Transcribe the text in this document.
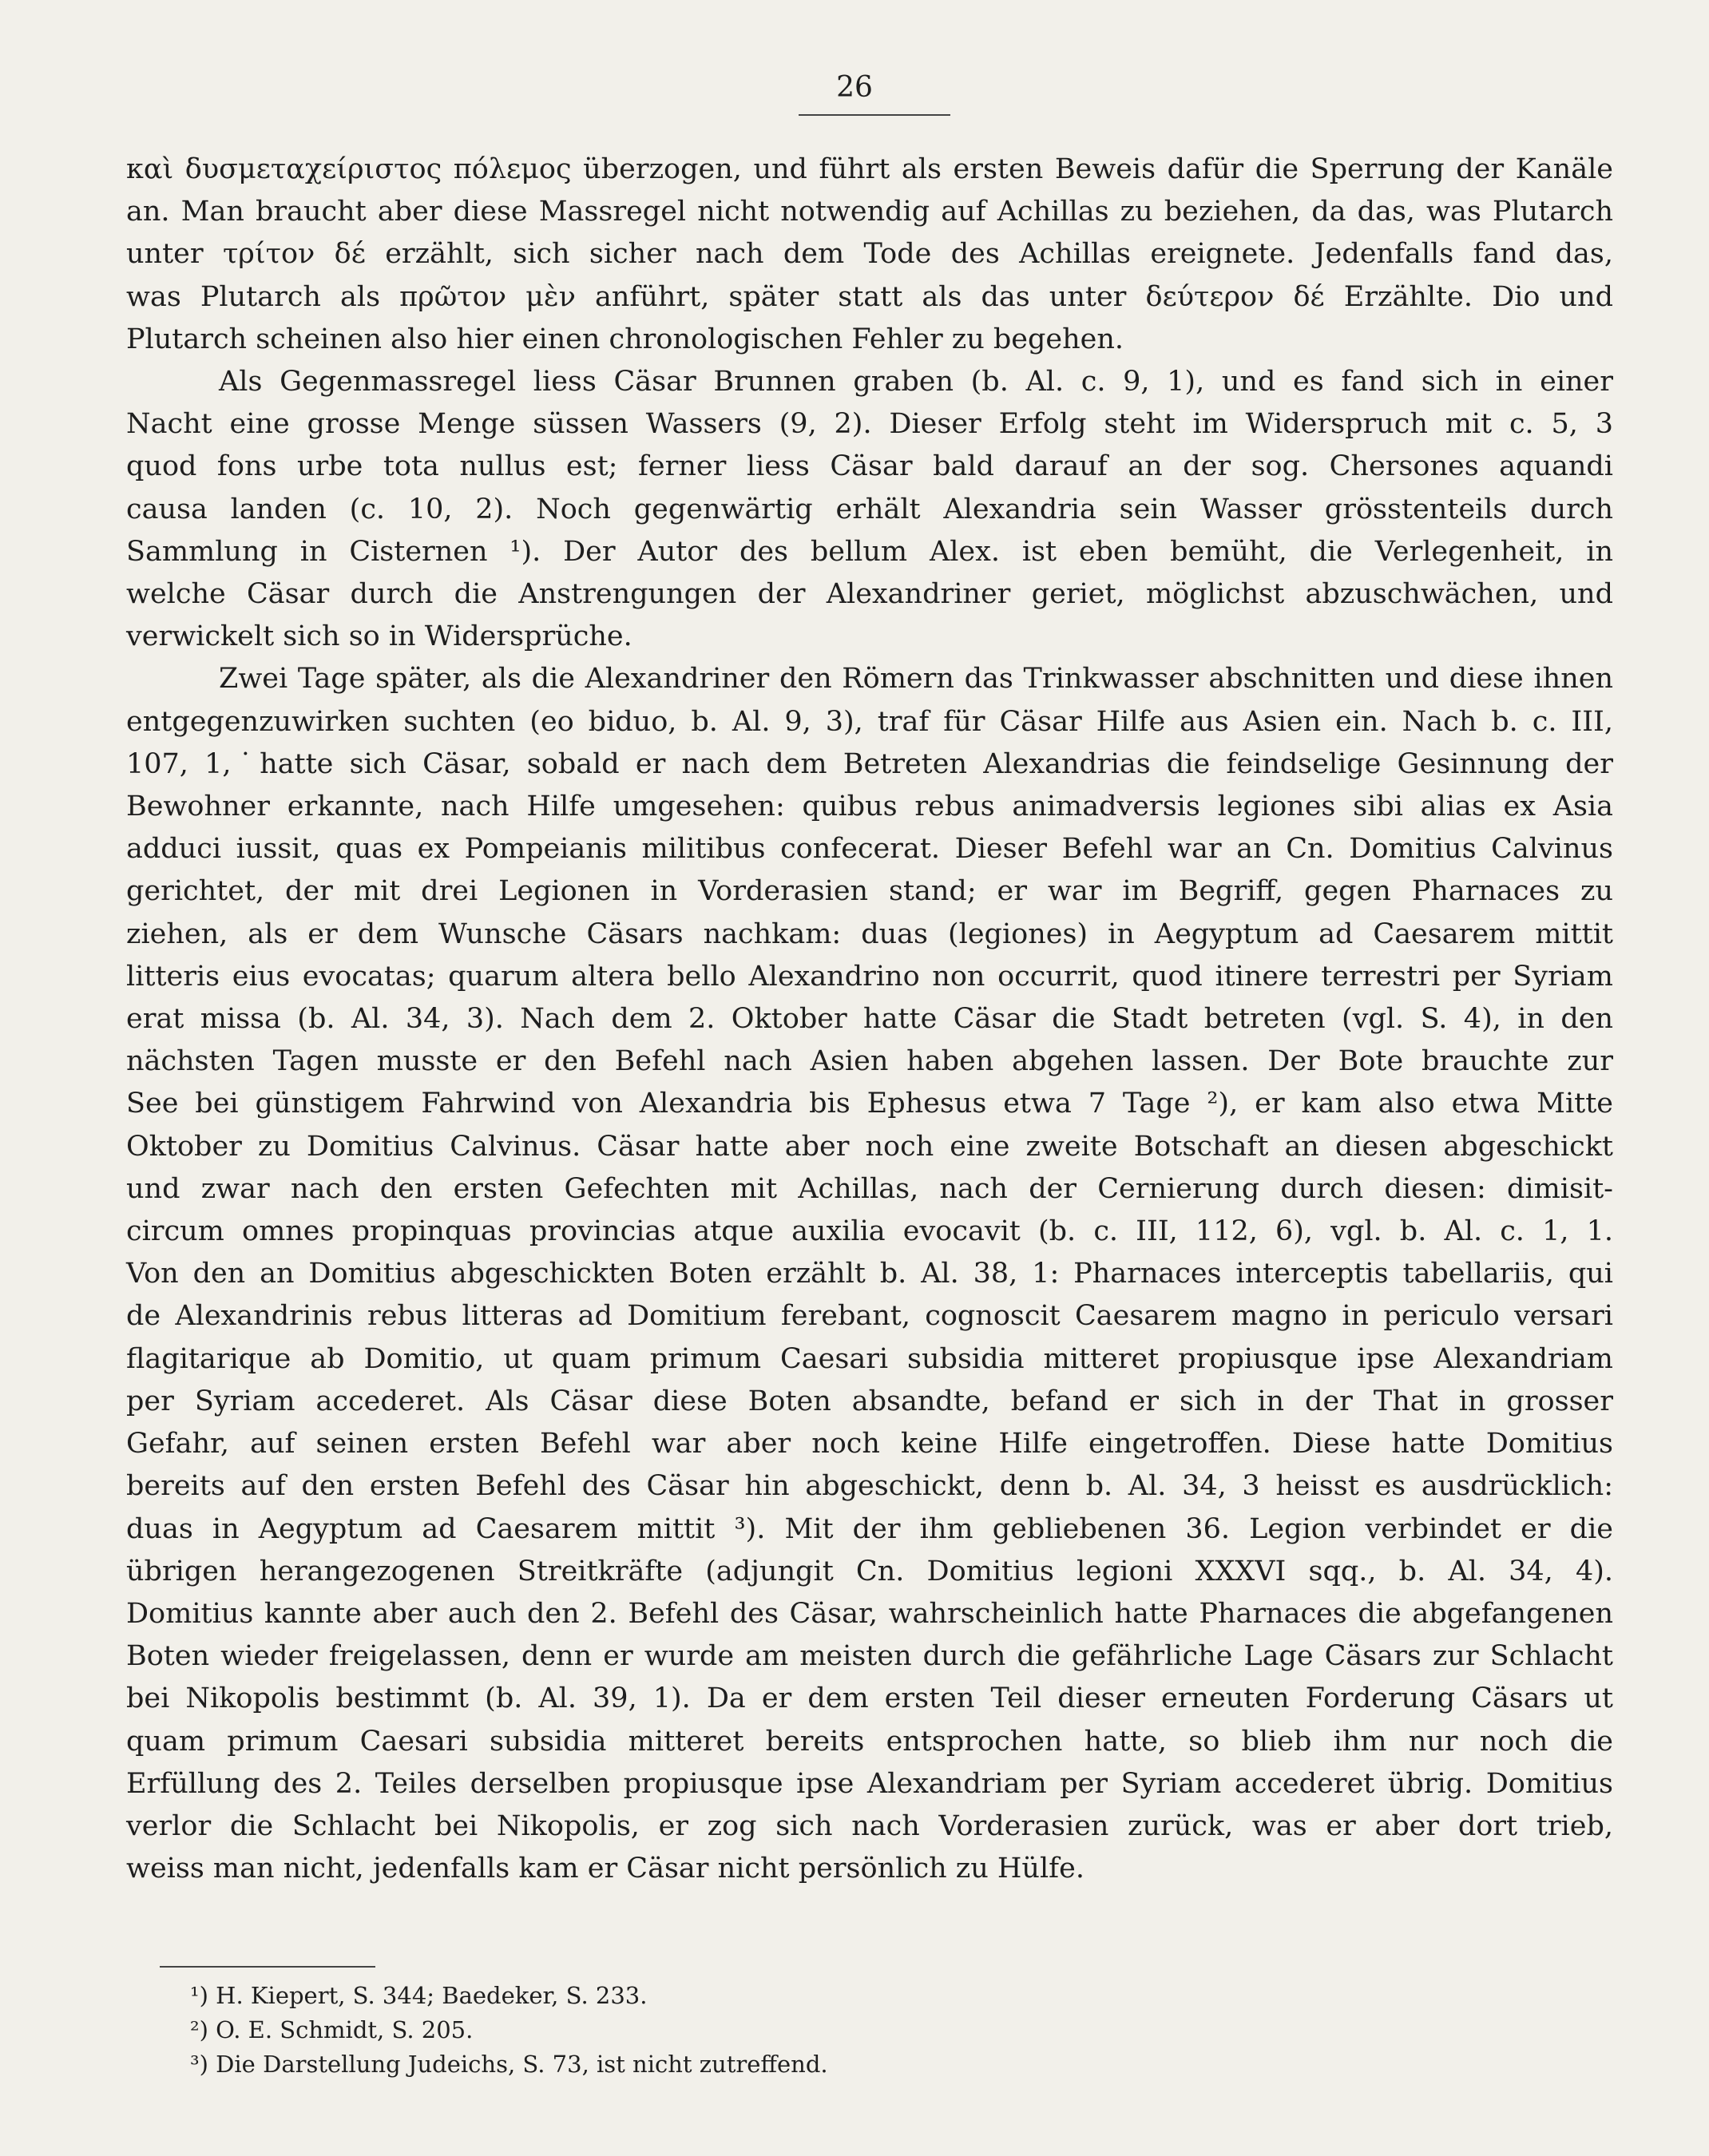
26
καὶ δυσμεταχείριστος πόλεμος überzogen, und führt als ersten Beweis dafür die Sperrung der Kanäle
an. Man braucht aber diese Massregel nicht notwendig auf Achillas zu beziehen, da das, was Plutarch
unter τρίτον δέ erzählt, sich sicher nach dem Tode des Achillas ereignete. Jedenfalls fand das,
was Plutarch als πρῶτον μὲν anführt, später statt als das unter δεύτερον δέ Erzählte. Dio und
Plutarch scheinen also hier einen chronologischen Fehler zu begehen.
Als Gegenmassregel liess Cäsar Brunnen graben (b. Al. c. 9, 1), und es fand sich in einer
Nacht eine grosse Menge süssen Wassers (9, 2). Dieser Erfolg steht im Widerspruch mit c. 5, 3
quod fons urbe tota nullus est; ferner liess Cäsar bald darauf an der sog. Chersones aquandi
causa landen (c. 10, 2). Noch gegenwärtig erhält Alexandria sein Wasser grösstenteils durch
Sammlung in Cisternen ¹). Der Autor des bellum Alex. ist eben bemüht, die Verlegenheit, in
welche Cäsar durch die Anstrengungen der Alexandriner geriet, möglichst abzuschwächen, und
verwickelt sich so in Widersprüche.
Zwei Tage später, als die Alexandriner den Römern das Trinkwasser abschnitten und diese ihnen
entgegenzuwirken suchten (eo biduo, b. Al. 9, 3), traf für Cäsar Hilfe aus Asien ein. Nach b. c. III,
107, 1,˙hatte sich Cäsar, sobald er nach dem Betreten Alexandrias die feindselige Gesinnung der
Bewohner erkannte, nach Hilfe umgesehen: quibus rebus animadversis legiones sibi alias ex Asia
adduci iussit, quas ex Pompeianis militibus confecerat. Dieser Befehl war an Cn. Domitius Calvinus
gerichtet, der mit drei Legionen in Vorderasien stand; er war im Begriff, gegen Pharnaces zu
ziehen, als er dem Wunsche Cäsars nachkam: duas (legiones) in Aegyptum ad Caesarem mittit
litteris eius evocatas; quarum altera bello Alexandrino non occurrit, quod itinere terrestri per Syriam
erat missa (b. Al. 34, 3). Nach dem 2. Oktober hatte Cäsar die Stadt betreten (vgl. S. 4), in den
nächsten Tagen musste er den Befehl nach Asien haben abgehen lassen. Der Bote brauchte zur
See bei günstigem Fahrwind von Alexandria bis Ephesus etwa 7 Tage ²), er kam also etwa Mitte
Oktober zu Domitius Calvinus. Cäsar hatte aber noch eine zweite Botschaft an diesen abgeschickt
und zwar nach den ersten Gefechten mit Achillas, nach der Cernierung durch diesen: dimisit-
circum omnes propinquas provincias atque auxilia evocavit (b. c. III, 112, 6), vgl. b. Al. c. 1, 1.
Von den an Domitius abgeschickten Boten erzählt b. Al. 38, 1: Pharnaces interceptis tabellariis, qui
de Alexandrinis rebus litteras ad Domitium ferebant, cognoscit Caesarem magno in periculo versari
flagitarique ab Domitio, ut quam primum Caesari subsidia mitteret propiusque ipse Alexandriam
per Syriam accederet. Als Cäsar diese Boten absandte, befand er sich in der That in grosser
Gefahr, auf seinen ersten Befehl war aber noch keine Hilfe eingetroffen. Diese hatte Domitius
bereits auf den ersten Befehl des Cäsar hin abgeschickt, denn b. Al. 34, 3 heisst es ausdrücklich:
duas in Aegyptum ad Caesarem mittit ³). Mit der ihm gebliebenen 36. Legion verbindet er die
übrigen herangezogenen Streitkräfte (adjungit Cn. Domitius legioni XXXVI sqq., b. Al. 34, 4).
Domitius kannte aber auch den 2. Befehl des Cäsar, wahrscheinlich hatte Pharnaces die abgefangenen
Boten wieder freigelassen, denn er wurde am meisten durch die gefährliche Lage Cäsars zur Schlacht
bei Nikopolis bestimmt (b. Al. 39, 1). Da er dem ersten Teil dieser erneuten Forderung Cäsars ut
quam primum Caesari subsidia mitteret bereits entsprochen hatte, so blieb ihm nur noch die
Erfüllung des 2. Teiles derselben propiusque ipse Alexandriam per Syriam accederet übrig. Domitius
verlor die Schlacht bei Nikopolis, er zog sich nach Vorderasien zurück, was er aber dort trieb,
weiss man nicht, jedenfalls kam er Cäsar nicht persönlich zu Hülfe.
¹) H. Kiepert, S. 344; Baedeker, S. 233.
²) O. E. Schmidt, S. 205.
³) Die Darstellung Judeichs, S. 73, ist nicht zutreffend.
